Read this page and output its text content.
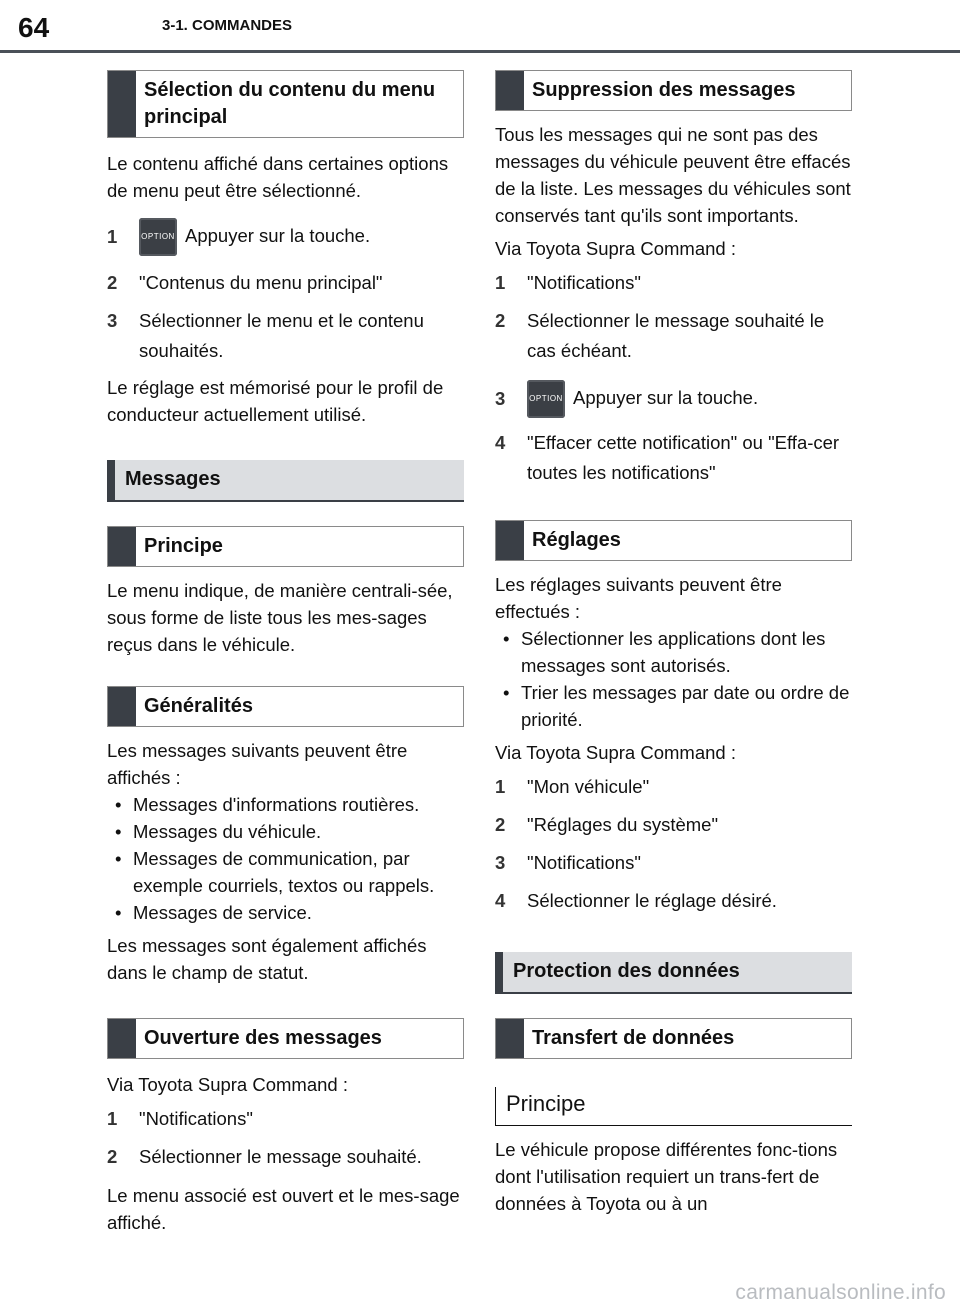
64	3-1. COMMANDES
Sélection du contenu du menu principal

Le contenu affiché dans certaines options de menu peut être sélectionné.

1	OPTION Appuyer sur la touche.
2	"Contenus du menu principal"
3	Sélectionner le menu et le contenu souhaités.

Le réglage est mémorisé pour le profil de conducteur actuellement utilisé.

Messages
Principe

Le menu indique, de manière centrali-sée, sous forme de liste tous les mes-sages reçus dans le véhicule.

Généralités

Les messages suivants peuvent être affichés :

• Messages d'informations routières.
• Messages du véhicule.
• Messages de communication, par exemple courriels, textos ou rappels.
• Messages de service.

Les messages sont également affichés dans le champ de statut.

Ouverture des messages

Via Toyota Supra Command :

1	"Notifications"
2	Sélectionner le message souhaité.

Le menu associé est ouvert et le mes-sage affiché.

Suppression des messages

Tous les messages qui ne sont pas des messages du véhicule peuvent être effacés de la liste. Les messages du véhicules sont conservés tant qu'ils sont importants.

Via Toyota Supra Command :

1	"Notifications"
2	Sélectionner le message souhaité le cas échéant.
3	OPTION Appuyer sur la touche.
4	"Effacer cette notification" ou "Effa-cer toutes les notifications"
Réglages

Les réglages suivants peuvent être effectués :

• Sélectionner les applications dont les messages sont autorisés.
• Trier les messages par date ou ordre de priorité.

Via Toyota Supra Command :

1	"Mon véhicule"
2	"Réglages du système"
3	"Notifications"
4	Sélectionner le réglage désiré.
Protection des données
Transfert de données
Principe

Le véhicule propose différentes fonc-tions dont l'utilisation requiert un trans-fert de données à Toyota ou à un

carmanualsonline.info
